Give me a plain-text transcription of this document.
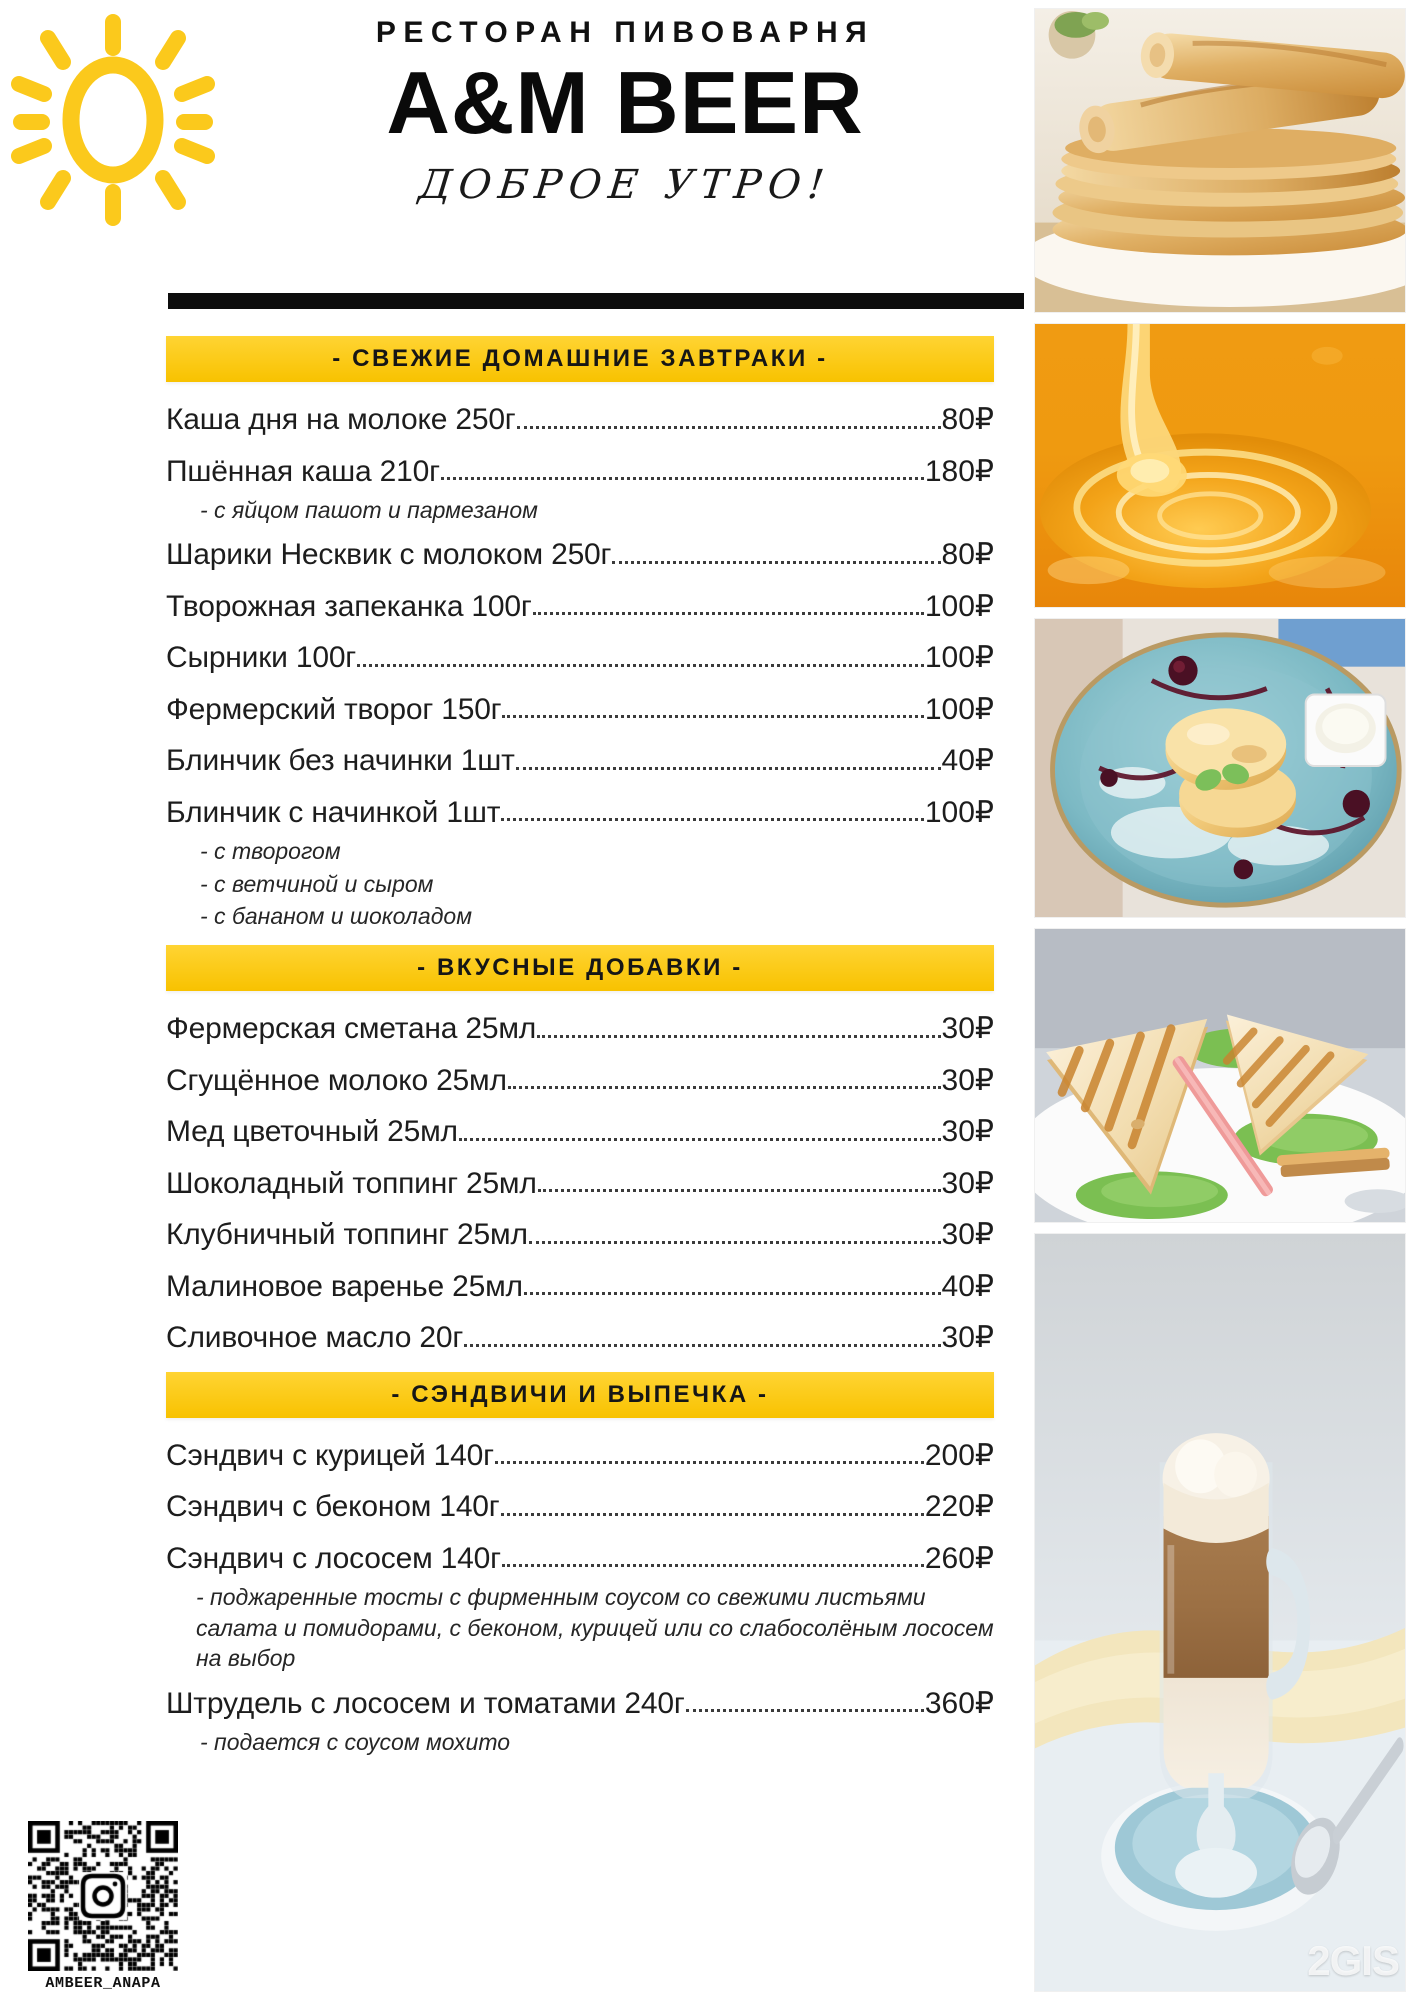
РЕСТОРАН ПИВОВАРНЯ
A&M BEER
ДОБРОЕ УТРО!
- СВЕЖИЕ ДОМАШНИЕ ЗАВТРАКИ -
Каша дня на молоке 250г	80₽
Пшённая каша 210г	180₽
- с яйцом пашот и пармезаном
Шарики Несквик с молоком 250г	80₽
Творожная запеканка 100г	100₽
Сырники 100г	100₽
Фермерский творог 150г	100₽
Блинчик без начинки 1шт	40₽
Блинчик с начинкой 1шт	100₽
- с творогом
- с ветчиной и сыром
- с бананом и шоколадом
- ВКУСНЫЕ ДОБАВКИ -
Фермерская сметана 25мл	30₽
Сгущённое молоко 25мл	30₽
Мед цветочный 25мл	30₽
Шоколадный топпинг 25мл	30₽
Клубничный топпинг 25мл	30₽
Малиновое варенье 25мл	40₽
Сливочное масло 20г	30₽
- СЭНДВИЧИ И ВЫПЕЧКА -
Сэндвич с курицей 140г	200₽
Сэндвич с беконом 140г	220₽
Сэндвич с лососем 140г	260₽
- поджаренные тосты с фирменным соусом со свежими листьями салата и помидорами, с беконом, курицей или со слабосолёным лососем на выбор
Штрудель с лососем и томатами 240г	360₽
- подается с соусом мохито
AMBEER_ANAPA	2GIS
